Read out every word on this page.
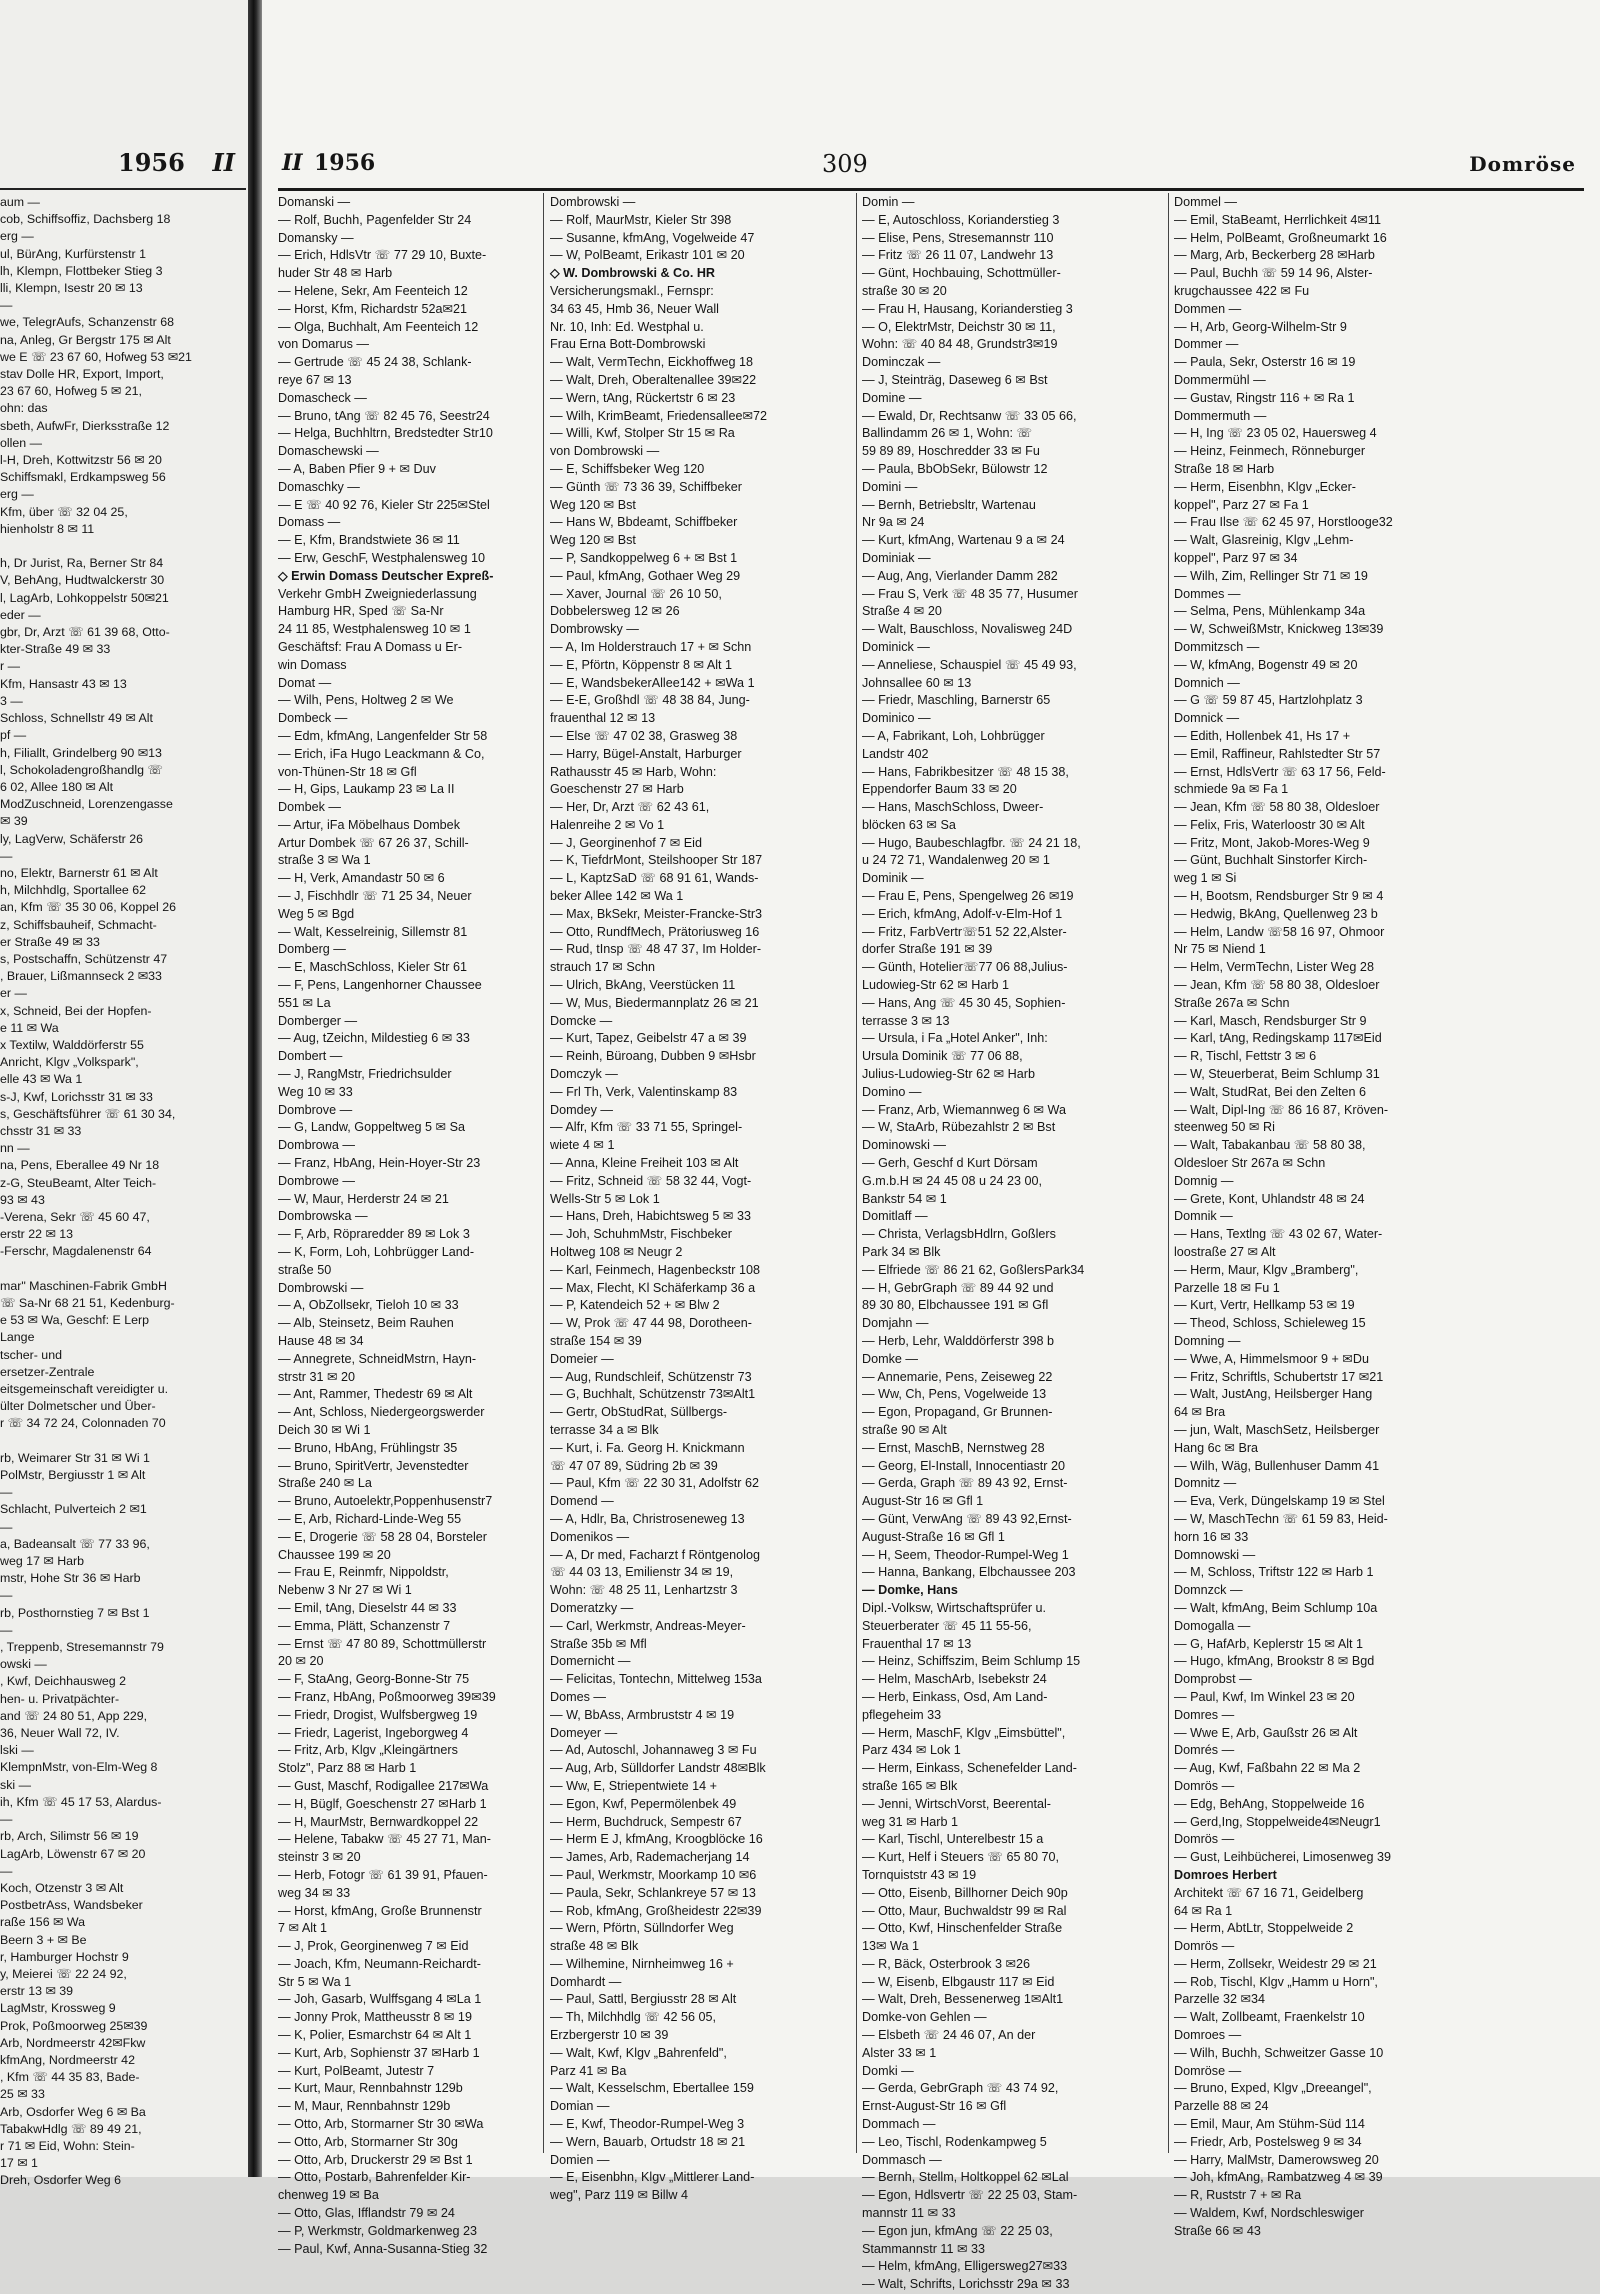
1956 II
aum —
cob, Schiffsoffiz, Dachsberg 18
erg —
ul, BürAng, Kurfürstenstr 1
lh, Klempn, Flottbeker Stieg 3
lli, Klempn, Isestr 20 ✉ 13
—
we, TelegrAufs, Schanzenstr 68
na, Anleg, Gr Bergstr 175 ✉ Alt
we E ☏ 23 67 60, Hofweg 53 ✉21
stav Dolle HR, Export, Import,
23 67 60, Hofweg 5 ✉ 21,
ohn: das
sbeth, AufwFr, Dierksstraße 12
ollen —
l-H, Dreh, Kottwitzstr 56 ✉ 20
Schiffsmakl, Erdkampsweg 56
erg —
Kfm, über ☏ 32 04 25,
hienholstr 8 ✉ 11

h, Dr Jurist, Ra, Berner Str 84
V, BehAng, Hudtwalckerstr 30
l, LagArb, Lohkoppelstr 50✉21
eder —
gbr, Dr, Arzt ☏ 61 39 68, Otto-
kter-Straße 49 ✉ 33
r —
Kfm, Hansastr 43 ✉ 13
3 —
Schloss, Schnellstr 49 ✉ Alt
pf —
h, Filiallt, Grindelberg 90 ✉13
l, Schokoladengroßhandlg ☏
6 02, Allee 180 ✉ Alt
ModZuschneid, Lorenzengasse
✉ 39
ly, LagVerw, Schäferstr 26
—
no, Elektr, Barnerstr 61 ✉ Alt
h, Milchhdlg, Sportallee 62
an, Kfm ☏ 35 30 06, Koppel 26
z, Schiffsbauheif, Schmacht-
er Straße 49 ✉ 33
s, Postschaffn, Schützenstr 47
, Brauer, Lißmannseck 2 ✉33
er —
x, Schneid, Bei der Hopfen-
e 11 ✉ Wa
x Textilw, Walddörferstr 55
Anricht, Klgv „Volkspark",
elle 43 ✉ Wa 1
s-J, Kwf, Lorichsstr 31 ✉ 33
s, Geschäftsführer ☏ 61 30 34,
chsstr 31 ✉ 33
nn —
na, Pens, Eberallee 49 Nr 18
z-G, SteuBeamt, Alter Teich-
93 ✉ 43
-Verena, Sekr ☏ 45 60 47,
erstr 22 ✉ 13
-Ferschr, Magdalenenstr 64

mar" Maschinen-Fabrik GmbH
☏ Sa-Nr 68 21 51, Kedenburg-
e 53 ✉ Wa, Geschf: E Lerp
Lange
tscher- und
ersetzer-Zentrale
eitsgemeinschaft vereidigter u.
ülter Dolmetscher und Über-
r ☏ 34 72 24, Colonnaden 70

rb, Weimarer Str 31 ✉ Wi 1
PolMstr, Bergiusstr 1 ✉ Alt
—
Schlacht, Pulverteich 2 ✉1
—
a, Badeansalt ☏ 77 33 96,
weg 17 ✉ Harb
mstr, Hohe Str 36 ✉ Harb
—
rb, Posthornstieg 7 ✉ Bst 1
—
, Treppenb, Stresemannstr 79
owski —
, Kwf, Deichhausweg 2
hen- u. Privatpächter-
and ☏ 24 80 51, App 229,
36, Neuer Wall 72, IV.
lski —
KlempnMstr, von-Elm-Weg 8
ski —
ih, Kfm ☏ 45 17 53, Alardus-
—
rb, Arch, Silimstr 56 ✉ 19
LagArb, Löwenstr 67 ✉ 20
—
Koch, Otzenstr 3 ✉ Alt
PostbetrAss, Wandsbeker
raße 156 ✉ Wa
Beern 3 + ✉ Be
r, Hamburger Hochstr 9
y, Meierei ☏ 22 24 92,
erstr 13 ✉ 39
LagMstr, Krossweg 9
Prok, Poßmoorweg 25✉39
Arb, Nordmeerstr 42✉Fkw
kfmAng, Nordmeerstr 42
, Kfm ☏ 44 35 83, Bade-
25 ✉ 33
Arb, Osdorfer Weg 6 ✉ Ba
TabakwHdlg ☏ 89 49 21,
r 71 ✉ Eid, Wohn: Stein-
17 ✉ 1
Dreh, Osdorfer Weg 6
II 1956	309	Domröse
Domanski —
— Rolf, Buchh, Pagenfelder Str 24
Domansky —
— Erich, HdlsVtr ☏ 77 29 10, Buxte-
huder Str 48 ✉ Harb
— Helene, Sekr, Am Feenteich 12
— Horst, Kfm, Richardstr 52a✉21
— Olga, Buchhalt, Am Feenteich 12
von Domarus —
— Gertrude ☏ 45 24 38, Schlank-
reye 67 ✉ 13
Domascheck —
— Bruno, tAng ☏ 82 45 76, Seestr24
— Helga, Buchhltrn, Bredstedter Str10
Domaschewski —
— A, Baben Pfier 9 + ✉ Duv
Domaschky —
— E ☏ 40 92 76, Kieler Str 225✉Stel
Domass —
— E, Kfm, Brandstwiete 36 ✉ 11
— Erw, GeschF, Westphalensweg 10
◇ Erwin Domass Deutscher Expreß-
Verkehr GmbH Zweigniederlassung
Hamburg HR, Sped ☏ Sa-Nr
24 11 85, Westphalensweg 10 ✉ 1
Geschäftsf: Frau A Domass u Er-
win Domass
Domat —
— Wilh, Pens, Holtweg 2 ✉ We
Dombeck —
— Edm, kfmAng, Langenfelder Str 58
— Erich, iFa Hugo Leackmann & Co,
von-Thünen-Str 18 ✉ Gfl
— H, Gips, Laukamp 23 ✉ La II
Dombek —
— Artur, iFa Möbelhaus Dombek
Artur Dombek ☏ 67 26 37, Schill-
straße 3 ✉ Wa 1
— H, Verk, Amandastr 50 ✉ 6
— J, Fischhdlr ☏ 71 25 34, Neuer
Weg 5 ✉ Bgd
— Walt, Kesselreinig, Sillemstr 81
Domberg —
— E, MaschSchloss, Kieler Str 61
— F, Pens, Langenhorner Chaussee
551 ✉ La
Domberger —
— Aug, tZeichn, Mildestieg 6 ✉ 33
Dombert —
— J, RangMstr, Friedrichsulder
Weg 10 ✉ 33
Dombrove —
— G, Landw, Goppeltweg 5 ✉ Sa
Dombrowa —
— Franz, HbAng, Hein-Hoyer-Str 23
Dombrowe —
— W, Maur, Herderstr 24 ✉ 21
Dombrowska —
— F, Arb, Röpraredder 89 ✉ Lok 3
— K, Form, Loh, Lohbrügger Land-
straße 50
Dombrowski —
— A, ObZollsekr, Tieloh 10 ✉ 33
— Alb, Steinsetz, Beim Rauhen
Hause 48 ✉ 34
— Annegrete, SchneidMstrn, Hayn-
strstr 31 ✉ 20
— Ant, Rammer, Thedestr 69 ✉ Alt
— Ant, Schloss, Niedergeorgswerder
Deich 30 ✉ Wi 1
— Bruno, HbAng, Frühlingstr 35
— Bruno, SpiritVertr, Jevenstedter
Straße 240 ✉ La
— Bruno, Autoelektr,Poppenhusenstr7
— E, Arb, Richard-Linde-Weg 55
— E, Drogerie ☏ 58 28 04, Borsteler
Chaussee 199 ✉ 20
— Frau E, Reinmfr, Nippoldstr,
Nebenw 3 Nr 27 ✉ Wi 1
— Emil, tAng, Dieselstr 44 ✉ 33
— Emma, Plätt, Schanzenstr 7
— Ernst ☏ 47 80 89, Schottmüllerstr
20 ✉ 20
— F, StaAng, Georg-Bonne-Str 75
— Franz, HbAng, Poßmoorweg 39✉39
— Friedr, Drogist, Wulfsbergweg 19
— Friedr, Lagerist, Ingeborgweg 4
— Fritz, Arb, Klgv „Kleingärtners
Stolz", Parz 88 ✉ Harb 1
— Gust, Maschf, Rodigallee 217✉Wa
— H, Büglf, Goeschenstr 27 ✉Harb 1
— H, MaurMstr, Bernwardkoppel 22
— Helene, Tabakw ☏ 45 27 71, Man-
steinstr 3 ✉ 20
— Herb, Fotogr ☏ 61 39 91, Pfauen-
weg 34 ✉ 33
— Horst, kfmAng, Große Brunnenstr
7 ✉ Alt 1
— J, Prok, Georginenweg 7 ✉ Eid
— Joach, Kfm, Neumann-Reichardt-
Str 5 ✉ Wa 1
— Joh, Gasarb, Wulffsgang 4 ✉La 1
— Jonny Prok, Mattheusstr 8 ✉ 19
— K, Polier, Esmarchstr 64 ✉ Alt 1
— Kurt, Arb, Sophienstr 37 ✉Harb 1
— Kurt, PolBeamt, Jutestr 7
— Kurt, Maur, Rennbahnstr 129b
— M, Maur, Rennbahnstr 129b
— Otto, Arb, Stormarner Str 30 ✉Wa
— Otto, Arb, Stormarner Str 30g
— Otto, Arb, Druckerstr 29 ✉ Bst 1
— Otto, Postarb, Bahrenfelder Kir-
chenweg 19 ✉ Ba
— Otto, Glas, Ifflandstr 79 ✉ 24
— P, Werkmstr, Goldmarkenweg 23
— Paul, Kwf, Anna-Susanna-Stieg 32
Dombrowski —
— Rolf, MaurMstr, Kieler Str 398
— Susanne, kfmAng, Vogelweide 47
— W, PolBeamt, Erikastr 101 ✉ 20
◇ W. Dombrowski & Co. HR
Versicherungsmakl., Fernspr:
34 63 45, Hmb 36, Neuer Wall
Nr. 10, Inh: Ed. Westphal u.
Frau Erna Bott-Dombrowski
— Walt, VermTechn, Eickhoffweg 18
— Walt, Dreh, Oberaltenallee 39✉22
— Wern, tAng, Rückertstr 6 ✉ 23
— Wilh, KrimBeamt, Friedensallee✉72
— Willi, Kwf, Stolper Str 15 ✉ Ra
von Dombrowski —
— E, Schiffsbeker Weg 120
— Günth ☏ 73 36 39, Schiffbeker
Weg 120 ✉ Bst
— Hans W, Bbdeamt, Schiffbeker
Weg 120 ✉ Bst
— P, Sandkoppelweg 6 + ✉ Bst 1
— Paul, kfmAng, Gothaer Weg 29
— Xaver, Journal ☏ 26 10 50,
Dobbelersweg 12 ✉ 26
Dombrowsky —
— A, Im Holderstrauch 17 + ✉ Schn
— E, Pförtn, Köppenstr 8 ✉ Alt 1
— E, WandsbekerAllee142 + ✉Wa 1
— E-E, Großhdl ☏ 48 38 84, Jung-
frauenthal 12 ✉ 13
— Else ☏ 47 02 38, Grasweg 38
— Harry, Bügel-Anstalt, Harburger
Rathausstr 45 ✉ Harb, Wohn:
Goeschenstr 27 ✉ Harb
— Her, Dr, Arzt ☏ 62 43 61,
Halenreihe 2 ✉ Vo 1
— J, Georginenhof 7 ✉ Eid
— K, TiefdrMont, Steilshooper Str 187
— L, KaptzSaD ☏ 68 91 61, Wands-
beker Allee 142 ✉ Wa 1
— Max, BkSekr, Meister-Francke-Str3
— Otto, RundfMech, Prätoriusweg 16
— Rud, tInsp ☏ 48 47 37, Im Holder-
strauch 17 ✉ Schn
— Ulrich, BkAng, Veerstücken 11
— W, Mus, Biedermannplatz 26 ✉ 21
Domcke —
— Kurt, Tapez, Geibelstr 47 a ✉ 39
— Reinh, Büroang, Dubben 9 ✉Hsbr
Domczyk —
— Frl Th, Verk, Valentinskamp 83
Domdey —
— Alfr, Kfm ☏ 33 71 55, Springel-
wiete 4 ✉ 1
— Anna, Kleine Freiheit 103 ✉ Alt
— Fritz, Schneid ☏ 58 32 44, Vogt-
Wells-Str 5 ✉ Lok 1
— Hans, Dreh, Habichtsweg 5 ✉ 33
— Joh, SchuhmMstr, Fischbeker
Holtweg 108 ✉ Neugr 2
— Karl, Feinmech, Hagenbeckstr 108
— Max, Flecht, Kl Schäferkamp 36 a
— P, Katendeich 52 + ✉ Blw 2
— W, Prok ☏ 47 44 98, Dorotheen-
straße 154 ✉ 39
Domeier —
— Aug, Rundschleif, Schützenstr 73
— G, Buchhalt, Schützenstr 73✉Alt1
— Gertr, ObStudRat, Süllbergs-
terrasse 34 a ✉ Blk
— Kurt, i. Fa. Georg H. Knickmann
☏ 47 07 89, Südring 2b ✉ 39
— Paul, Kfm ☏ 22 30 31, Adolfstr 62
Domend —
— A, Hdlr, Ba, Christroseneweg 13
Domenikos —
— A, Dr med, Facharzt f Röntgenolog
☏ 44 03 13, Emilienstr 34 ✉ 19,
Wohn: ☏ 48 25 11, Lenhartzstr 3
Domeratzky —
— Carl, Werkmstr, Andreas-Meyer-
Straße 35b ✉ Mfl
Domernicht —
— Felicitas, Tontechn, Mittelweg 153a
Domes —
— W, BbAss, Armbruststr 4 ✉ 19
Domeyer —
— Ad, Autoschl, Johannaweg 3 ✉ Fu
— Aug, Arb, Sülldorfer Landstr 48✉Blk
— Ww, E, Striepentwiete 14 +
— Egon, Kwf, Pepermölenbek 49
— Herm, Buchdruck, Sempestr 67
— Herm E J, kfmAng, Kroogblöcke 16
— James, Arb, Rademacherjang 14
— Paul, Werkmstr, Moorkamp 10 ✉6
— Paula, Sekr, Schlankreye 57 ✉ 13
— Rob, kfmAng, Großheidestr 22✉39
— Wern, Pförtn, Süllndorfer Weg
straße 48 ✉ Blk
— Wilhemine, Nirnheimweg 16 +
Domhardt —
— Paul, Sattl, Bergiusstr 28 ✉ Alt
— Th, Milchhdlg ☏ 42 56 05,
Erzbergerstr 10 ✉ 39
— Walt, Kwf, Klgv „Bahrenfeld",
Parz 41 ✉ Ba
— Walt, Kesselschm, Ebertallee 159
Domian —
— E, Kwf, Theodor-Rumpel-Weg 3
— Wern, Bauarb, Ortudstr 18 ✉ 21
Domien —
— E, Eisenbhn, Klgv „Mittlerer Land-
weg", Parz 119 ✉ Billw 4
Domin —
— E, Autoschloss, Korianderstieg 3
— Elise, Pens, Stresemannstr 110
— Fritz ☏ 26 11 07, Landwehr 13
— Günt, Hochbauing, Schottmüller-
straße 30 ✉ 20
— Frau H, Hausang, Korianderstieg 3
— O, ElektrMstr, Deichstr 30 ✉ 11,
Wohn: ☏ 40 84 48, Grundstr3✉19
Dominczak —
— J, Steinträg, Daseweg 6 ✉ Bst
Domine —
— Ewald, Dr, Rechtsanw ☏ 33 05 66,
Ballindamm 26 ✉ 1, Wohn: ☏
59 89 89, Hoschredder 33 ✉ Fu
— Paula, BbObSekr, Bülowstr 12
Domini —
— Bernh, Betriebsltr, Wartenau
Nr 9a ✉ 24
— Kurt, kfmAng, Wartenau 9 a ✉ 24
Dominiak —
— Aug, Ang, Vierlander Damm 282
— Frau S, Verk ☏ 48 35 77, Husumer
Straße 4 ✉ 20
— Walt, Bauschloss, Novalisweg 24D
Dominick —
— Anneliese, Schauspiel ☏ 45 49 93,
Johnsallee 60 ✉ 13
— Friedr, Maschling, Barnerstr 65
Dominico —
— A, Fabrikant, Loh, Lohbrügger
Landstr 402
— Hans, Fabrikbesitzer ☏ 48 15 38,
Eppendorfer Baum 33 ✉ 20
— Hans, MaschSchloss, Dweer-
blöcken 63 ✉ Sa
— Hugo, Baubeschlagfbr. ☏ 24 21 18,
u 24 72 71, Wandalenweg 20 ✉ 1
Dominik —
— Frau E, Pens, Spengelweg 26 ✉19
— Erich, kfmAng, Adolf-v-Elm-Hof 1
— Fritz, FarbVertr☏51 52 22,Alster-
dorfer Straße 191 ✉ 39
— Günth, Hotelier☏77 06 88,Julius-
Ludowieg-Str 62 ✉ Harb 1
— Hans, Ang ☏ 45 30 45, Sophien-
terrasse 3 ✉ 13
— Ursula, i Fa „Hotel Anker", Inh:
Ursula Dominik ☏ 77 06 88,
Julius-Ludowieg-Str 62 ✉ Harb
Domino —
— Franz, Arb, Wiemannweg 6 ✉ Wa
— W, StaArb, Rübezahlstr 2 ✉ Bst
Dominowski —
— Gerh, Geschf d Kurt Dörsam
G.m.b.H ✉ 24 45 08 u 24 23 00,
Bankstr 54 ✉ 1
Domitlaff —
— Christa, VerlagsbHdlrn, Goßlers
Park 34 ✉ Blk
— Elfriede ☏ 86 21 62, GoßlersPark34
— H, GebrGraph ☏ 89 44 92 und
89 30 80, Elbchaussee 191 ✉ Gfl
Domjahn —
— Herb, Lehr, Walddörferstr 398 b
Domke —
— Annemarie, Pens, Zeiseweg 22
— Ww, Ch, Pens, Vogelweide 13
— Egon, Propagand, Gr Brunnen-
straße 90 ✉ Alt
— Ernst, MaschB, Nernstweg 28
— Georg, El-Install, Innocentiastr 20
— Gerda, Graph ☏ 89 43 92, Ernst-
August-Str 16 ✉ Gfl 1
— Günt, VerwAng ☏ 89 43 92,Ernst-
August-Straße 16 ✉ Gfl 1
— H, Seem, Theodor-Rumpel-Weg 1
— Hanna, Bankang, Elbchaussee 203
— Domke, Hans
Dipl.-Volksw, Wirtschaftsprüfer u.
Steuerberater ☏ 45 11 55-56,
Frauenthal 17 ✉ 13
— Heinz, Schiffszim, Beim Schlump 15
— Helm, MaschArb, Isebekstr 24
— Herb, Einkass, Osd, Am Land-
pflegeheim 33
— Herm, MaschF, Klgv „Eimsbüttel",
Parz 434 ✉ Lok 1
— Herm, Einkass, Schenefelder Land-
straße 165 ✉ Blk
— Jenni, WirtschVorst, Beerental-
weg 31 ✉ Harb 1
— Karl, Tischl, Unterelbestr 15 a
— Kurt, Helf i Steuers ☏ 65 80 70,
Tornquiststr 43 ✉ 19
— Otto, Eisenb, Billhorner Deich 90p
— Otto, Maur, Buchwaldstr 99 ✉ Ral
— Otto, Kwf, Hinschenfelder Straße
13✉ Wa 1
— R, Bäck, Osterbrook 3 ✉26
— W, Eisenb, Elbgaustr 117 ✉ Eid
— Walt, Dreh, Bessenerweg 1✉Alt1
Domke-von Gehlen —
— Elsbeth ☏ 24 46 07, An der
Alster 33 ✉ 1
Domki —
— Gerda, GebrGraph ☏ 43 74 92,
Ernst-August-Str 16 ✉ Gfl
Dommach —
— Leo, Tischl, Rodenkampweg 5
Dommasch —
— Bernh, Stellm, Holtkoppel 62 ✉Lal
— Egon, Hdlsvertr ☏ 22 25 03, Stam-
mannstr 11 ✉ 33
— Egon jun, kfmAng ☏ 22 25 03,
Stammannstr 11 ✉ 33
— Helm, kfmAng, Elligersweg27✉33
— Walt, Schrifts, Lorichsstr 29a ✉ 33
Dommel —
— Emil, StaBeamt, Herrlichkeit 4✉11
— Helm, PolBeamt, Großneumarkt 16
— Marg, Arb, Beckerberg 28 ✉Harb
— Paul, Buchh ☏ 59 14 96, Alster-
krugchaussee 422 ✉ Fu
Dommen —
— H, Arb, Georg-Wilhelm-Str 9
Dommer —
— Paula, Sekr, Osterstr 16 ✉ 19
Dommermühl —
— Gustav, Ringstr 116 + ✉ Ra 1
Dommermuth —
— H, Ing ☏ 23 05 02, Hauersweg 4
— Heinz, Feinmech, Rönneburger
Straße 18 ✉ Harb
— Herm, Eisenbhn, Klgv „Ecker-
koppel", Parz 27 ✉ Fa 1
— Frau Ilse ☏ 62 45 97, Horstlooge32
— Walt, Glasreinig, Klgv „Lehm-
koppel", Parz 97 ✉ 34
— Wilh, Zim, Rellinger Str 71 ✉ 19
Dommes —
— Selma, Pens, Mühlenkamp 34a
— W, SchweißMstr, Knickweg 13✉39
Dommitzsch —
— W, kfmAng, Bogenstr 49 ✉ 20
Domnich —
— G ☏ 59 87 45, Hartzlohplatz 3
Domnick —
— Edith, Hollenbek 41, Hs 17 +
— Emil, Raffineur, Rahlstedter Str 57
— Ernst, HdlsVertr ☏ 63 17 56, Feld-
schmiede 9a ✉ Fa 1
— Jean, Kfm ☏ 58 80 38, Oldesloer
— Felix, Fris, Waterloostr 30 ✉ Alt
— Fritz, Mont, Jakob-Mores-Weg 9
— Günt, Buchhalt Sinstorfer Kirch-
weg 1 ✉ Si
— H, Bootsm, Rendsburger Str 9 ✉ 4
— Hedwig, BkAng, Quellenweg 23 b
— Helm, Landw ☏58 16 97, Ohmoor
Nr 75 ✉ Niend 1
— Helm, VermTechn, Lister Weg 28
— Jean, Kfm ☏ 58 80 38, Oldesloer
Straße 267a ✉ Schn
— Karl, Masch, Rendsburger Str 9
— Karl, tAng, Redingskamp 117✉Eid
— R, Tischl, Fettstr 3 ✉ 6
— W, Steuerberat, Beim Schlump 31
— Walt, StudRat, Bei den Zelten 6
— Walt, Dipl-Ing ☏ 86 16 87, Kröven-
steenweg 50 ✉ Ri
— Walt, Tabakanbau ☏ 58 80 38,
Oldesloer Str 267a ✉ Schn
Domnig —
— Grete, Kont, Uhlandstr 48 ✉ 24
Domnik —
— Hans, Textlng ☏ 43 02 67, Water-
loostraße 27 ✉ Alt
— Herm, Maur, Klgv „Bramberg",
Parzelle 18 ✉ Fu 1
— Kurt, Vertr, Hellkamp 53 ✉ 19
— Theod, Schloss, Schieleweg 15
Domning —
— Wwe, A, Himmelsmoor 9 + ✉Du
— Fritz, Schriftls, Schubertstr 17 ✉21
— Walt, JustAng, Heilsberger Hang
64 ✉ Bra
— jun, Walt, MaschSetz, Heilsberger
Hang 6c ✉ Bra
— Wilh, Wäg, Bullenhuser Damm 41
Domnitz —
— Eva, Verk, Düngelskamp 19 ✉ Stel
— W, MaschTechn ☏ 61 59 83, Heid-
horn 16 ✉ 33
Domnowski —
— M, Schloss, Triftstr 122 ✉ Harb 1
Domnzck —
— Walt, kfmAng, Beim Schlump 10a
Domogalla —
— G, HafArb, Keplerstr 15 ✉ Alt 1
— Hugo, kfmAng, Brookstr 8 ✉ Bgd
Domprobst —
— Paul, Kwf, Im Winkel 23 ✉ 20
Domres —
— Wwe E, Arb, Gaußstr 26 ✉ Alt
Domrés —
— Aug, Kwf, Faßbahn 22 ✉ Ma 2
Domrös —
— Edg, BehAng, Stoppelweide 16
— Gerd,Ing, Stoppelweide4✉Neugr1
Domrös —
— Gust, Leihbücherei, Limosenweg 39
Domroes Herbert
Architekt ☏ 67 16 71, Geidelberg
64 ✉ Ra 1
— Herm, AbtLtr, Stoppelweide 2
Domrös —
— Herm, Zollsekr, Weidestr 29 ✉ 21
— Rob, Tischl, Klgv „Hamm u Horn",
Parzelle 32 ✉34
— Walt, Zollbeamt, Fraenkelstr 10
Domroes —
— Wilh, Buchh, Schweitzer Gasse 10
Domröse —
— Bruno, Exped, Klgv „Dreeangel",
Parzelle 88 ✉ 24
— Emil, Maur, Am Stühm-Süd 114
— Friedr, Arb, Postelsweg 9 ✉ 34
— Harry, MalMstr, Damerowsweg 20
— Joh, kfmAng, Rambatzweg 4 ✉ 39
— R, Ruststr 7 + ✉ Ra
— Waldem, Kwf, Nordschleswiger
Straße 66 ✉ 43
